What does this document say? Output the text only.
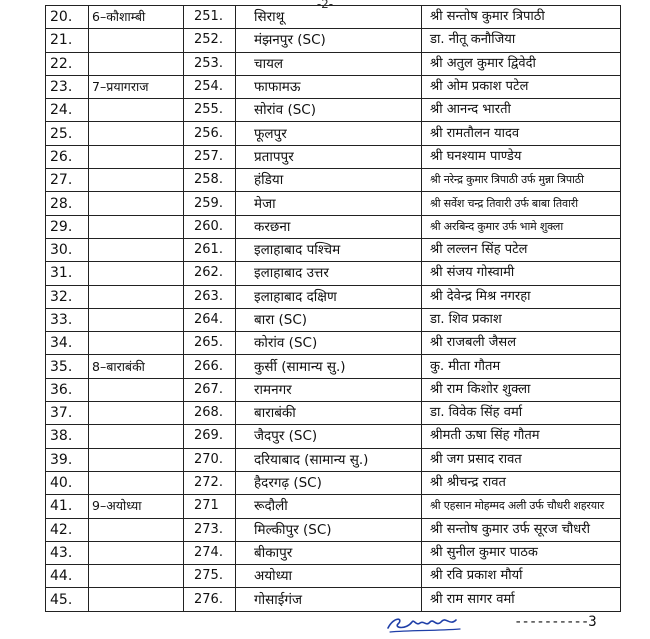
-2-
20.	6–कौशाम्बी	251.	सिराथू	श्री सन्तोष कुमार त्रिपाठी
21.		252.	मंझनपुर (SC)	डा. नीतू कनौजिया
22.		253.	चायल	श्री अतुल कुमार द्विवेदी
23.	7–प्रयागराज	254.	फाफामऊ	श्री ओम प्रकाश पटेल
24.		255.	सोरांव (SC)	श्री आनन्द भारती
25.		256.	फूलपुर	श्री रामतौलन यादव
26.		257.	प्रतापपुर	श्री घनश्याम पाण्डेय
27.		258.	हंडिया	श्री नरेन्द्र कुमार त्रिपाठी उर्फ मुन्ना त्रिपाठी
28.		259.	मेजा	श्री सर्वेश चन्द्र तिवारी उर्फ बाबा तिवारी
29.		260.	करछना	श्री अरबिन्द कुमार उर्फ भामे शुक्ला
30.		261.	इलाहाबाद पश्चिम	श्री लल्लन सिंह पटेल
31.		262.	इलाहाबाद उत्तर	श्री संजय गोस्वामी
32.		263.	इलाहाबाद दक्षिण	श्री देवेन्द्र मिश्र नगरहा
33.		264.	बारा (SC)	डा. शिव प्रकाश
34.		265.	कोरांव (SC)	श्री राजबली जैसल
35.	8–बाराबंकी	266.	कुर्सी (सामान्य सु.)	कु. मीता गौतम
36.		267.	रामनगर	श्री राम किशोर शुक्ला
37.		268.	बाराबंकी	डा. विवेक सिंह वर्मा
38.		269.	जैदपुर (SC)	श्रीमती ऊषा सिंह गौतम
39.		270.	दरियाबाद (सामान्य सु.)	श्री जग प्रसाद रावत
40.		272.	हैदरगढ़ (SC)	श्री श्रीचन्द्र रावत
41.	9–अयोध्या	271	रूदौली	श्री एहसान मोहम्मद अली उर्फ चौधरी शहरयार
42.		273.	मिल्कीपुर (SC)	श्री सन्तोष कुमार उर्फ सूरज चौधरी
43.		274.	बीकापुर	श्री सुनील कुमार पाठक
44.		275.	अयोध्या	श्री रवि प्रकाश मौर्या
45.		276.	गोसाईगंज	श्री राम सागर वर्मा
----------3
